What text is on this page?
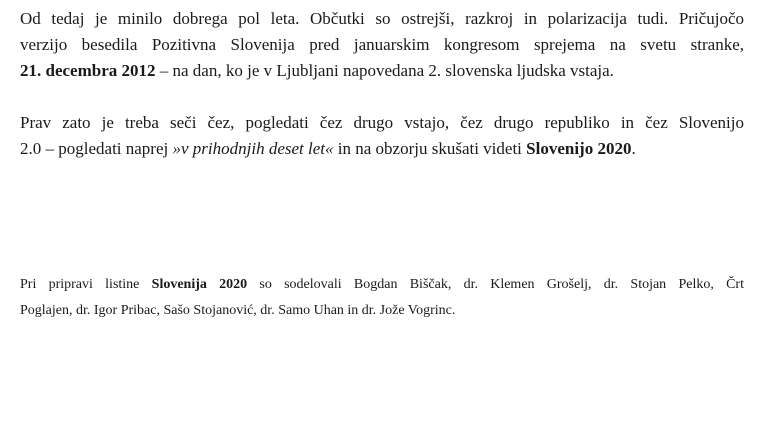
Od tedaj je minilo dobrega pol leta. Občutki so ostrejši, razkroj in polarizacija tudi. Pričujočo
verzijo besedila Pozitivna Slovenija pred januarskim kongresom sprejema na svetu stranke,
21. decembra 2012 – na dan, ko je v Ljubljani napovedana 2. slovenska ljudska vstaja.

Prav zato je treba seči čez, pogledati čez drugo vstajo, čez drugo republiko in čez Slovenijo
2.0 – pogledati naprej »v prihodnjih deset let« in na obzorju skušati videti Slovenijo 2020.

Pri pripravi listine Slovenija 2020 so sodelovali Bogdan Biščak, dr. Klemen Grošelj, dr. Stojan Pelko, Črt
Poglajen, dr. Igor Pribac, Sašo Stojanović, dr. Samo Uhan in dr. Jože Vogrinc.
